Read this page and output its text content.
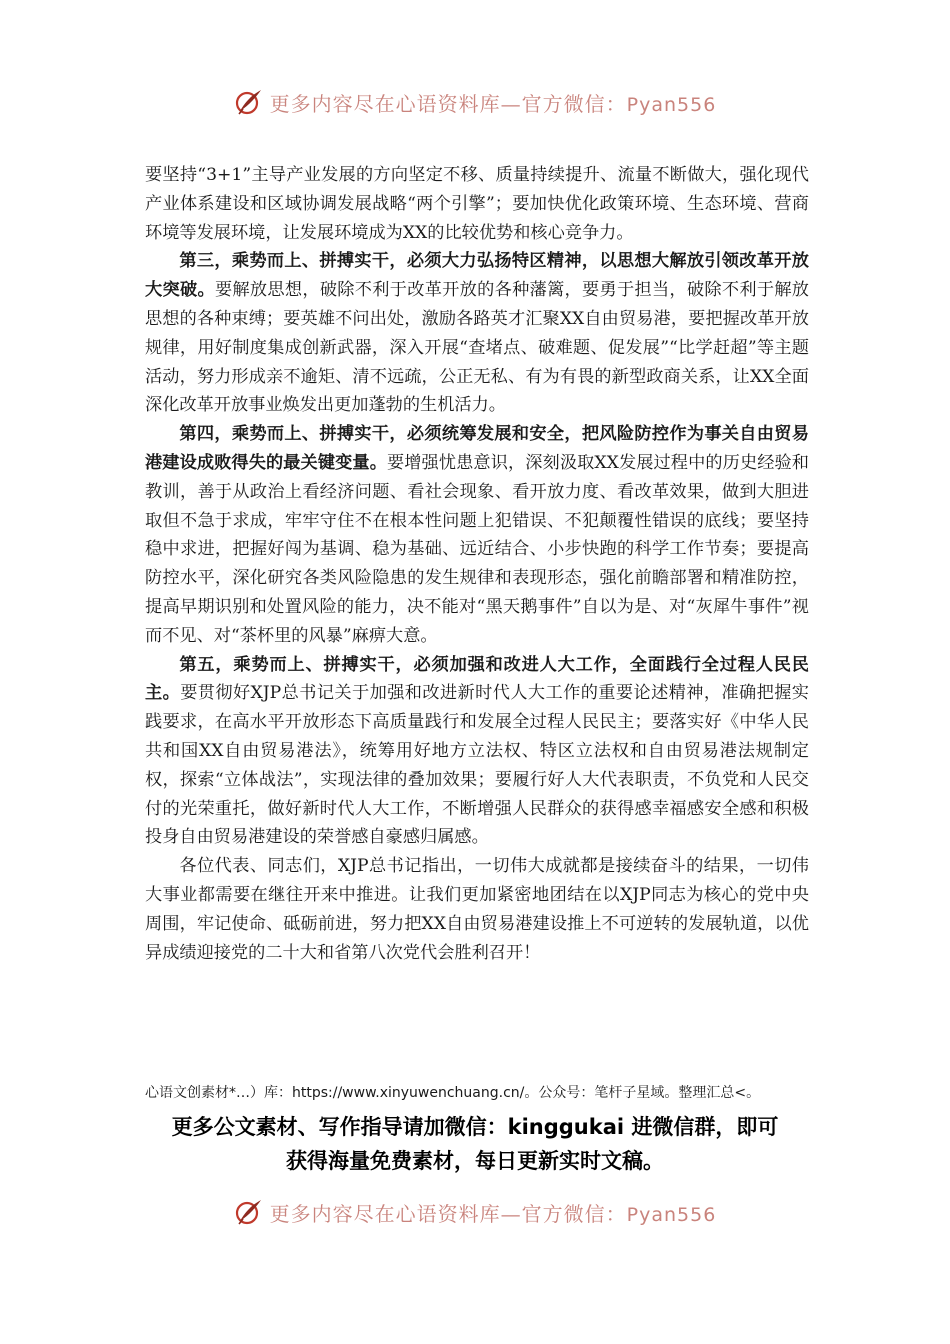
更多内容尽在心语资料库—官方微信：Pyan556

要坚持“3+1”主导产业发展的方向坚定不移、质量持续提升、流量不断做大，强化现代产业体系建设和区域协调发展战略“两个引擎”；要加快优化政策环境、生态环境、营商环境等发展环境，让发展环境成为XX的比较优势和核心竞争力。

第三，乘势而上、拼搏实干，必须大力弘扬特区精神，以思想大解放引领改革开放大突破。要解放思想，破除不利于改革开放的各种藩篱，要勇于担当，破除不利于解放思想的各种束缚；要英雄不问出处，激励各路英才汇聚XX自由贸易港，要把握改革开放规律，用好制度集成创新武器，深入开展“查堵点、破难题、促发展”“比学赶超”等主题活动，努力形成亲不逾矩、清不远疏，公正无私、有为有畏的新型政商关系，让XX全面深化改革开放事业焕发出更加蓬勃的生机活力。

第四，乘势而上、拼搏实干，必须统筹发展和安全，把风险防控作为事关自由贸易港建设成败得失的最关键变量。要增强忧患意识，深刻汲取XX发展过程中的历史经验和教训，善于从政治上看经济问题、看社会现象、看开放力度、看改革效果，做到大胆进取但不急于求成，牢牢守住不在根本性问题上犯错误、不犯颠覆性错误的底线；要坚持稳中求进，把握好闯为基调、稳为基础、远近结合、小步快跑的科学工作节奏；要提高防控水平，深化研究各类风险隐患的发生规律和表现形态，强化前瞻部署和精准防控，提高早期识别和处置风险的能力，决不能对“黑天鹅事件”自以为是、对“灰犀牛事件”视而不见、对“茶杯里的风暴”麻痹大意。

第五，乘势而上、拼搏实干，必须加强和改进人大工作，全面践行全过程人民民主。要贯彻好XJP总书记关于加强和改进新时代人大工作的重要论述精神，准确把握实践要求，在高水平开放形态下高质量践行和发展全过程人民民主；要落实好《中华人民共和国XX自由贸易港法》，统筹用好地方立法权、特区立法权和自由贸易港法规制定权，探索“立体战法”，实现法律的叠加效果；要履行好人大代表职责，不负党和人民交付的光荣重托，做好新时代人大工作，不断增强人民群众的获得感幸福感安全感和积极投身自由贸易港建设的荣誉感自豪感归属感。

各位代表、同志们，XJP总书记指出，一切伟大成就都是接续奋斗的结果，一切伟大事业都需要在继往开来中推进。让我们更加紧密地团结在以XJP同志为核心的党中央周围，牢记使命、砥砺前进，努力把XX自由贸易港建设推上不可逆转的发展轨道，以优异成绩迎接党的二十大和省第八次党代会胜利召开！

心语文创素材*…）库：https://www.xinyuwenchuang.cn/。公众号：笔杆子星域。整理汇总<。
更多公文素材、写作指导请加微信：kinggukai 进微信群，即可
获得海量免费素材，每日更新实时文稿。
更多内容尽在心语资料库—官方微信：Pyan556
